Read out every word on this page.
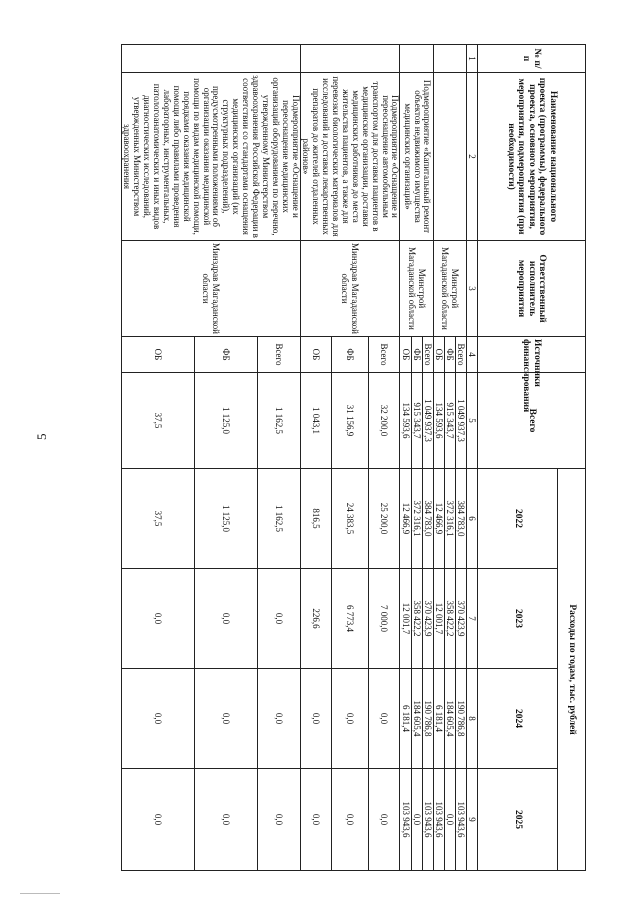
5
№ п/п	Наименование национального проекта (программы), федерального проекта, основного мероприятия, мероприятия, подмероприятия (при необходимости)	Ответственный исполнитель мероприятия	Источники финансирования	Всего	Расходы по годам, тыс. рублей			
					2022	2023	2024	2025
1	2	3	4	5	6	7	8	9
		Минстрой Магаданской области	Всего	1 049 937,3	384 783,0	370 423,9	190 786,8	103 943,6
			ФБ	915 343,7	372 316,1	358 422,2	184 605,4	0,0
			ОБ	134 593,6	12 466,9	12 001,7	6 181,4	103 943,6
	Подмероприятие «Капитальный ремонт объектов недвижимого имущества медицинских организаций»	Минстрой Магаданской области	Всего	1 049 937,3	384 783,0	370 423,9	190 786,8	103 943,6
			ФБ	915 343,7	372 316,1	358 422,2	184 605,4	0,0
			ОБ	134 593,6	12 466,9	12 001,7	6 181,4	103 943,6
	Подмероприятие «Оснащение и переоснащение автомобильным транспортом для доставки пациентов в медицинские организации, доставки медицинских работников до места жительства пациентов, а также для перевозки биологических материалов для исследований и доставки лекарственных препаратов до жителей отдаленных районов»	Минздрав Магаданской области	Всего	32 200,0	25 200,0	7 000,0	0,0	0,0
			ФБ	31 156,9	24 383,5	6 773,4	0,0	0,0
			ОБ	1 043,1	816,5	226,6	0,0	0,0
	Подмероприятие «Оснащение и переоснащение медицинских организаций оборудованием по перечню, утвержденному Министерством здравоохранения Российской Федерации в соответствии со стандартами оснащения медицинских организаций (их структурных подразделений), предусмотренными положениями об организации оказания медицинской помощи по видам медицинской помощи, порядками оказания медицинской помощи либо правилами проведения лабораторных, инструментальных, патологоанатомических и иных видов диагностических исследований, утвержденных Министерством здравоохранения	Минздрав Магаданской области	Всего	1 162,5	1 162,5	0,0	0,0	0,0
			ФБ	1 125,0	1 125,0	0,0	0,0	0,0
			ОБ	37,5	37,5	0,0	0,0	0,0
